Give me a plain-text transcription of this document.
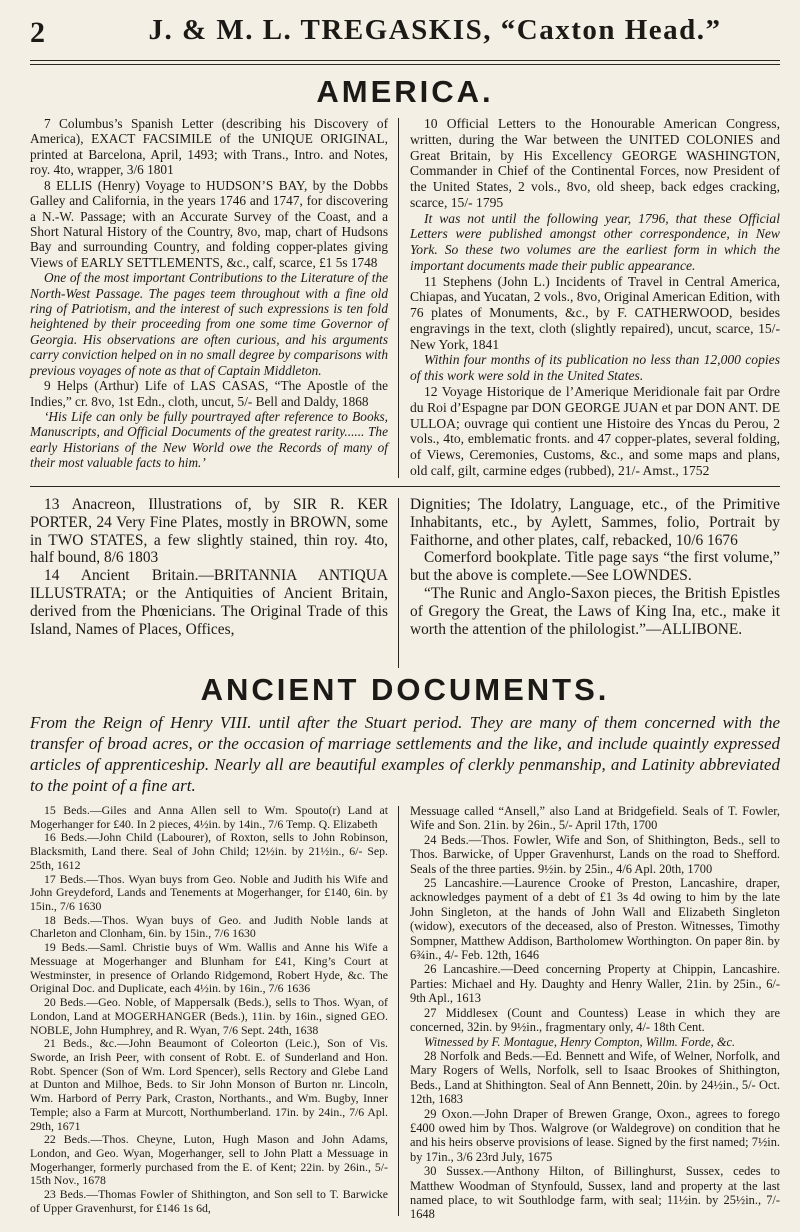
2	J. & M. L. TREGASKIS, “Caxton Head.”
AMERICA.

7 Columbus’s Spanish Letter (describing his Discovery of America), EXACT FACSIMILE of the UNIQUE ORIGINAL, printed at Barcelona, April, 1493; with Trans., Intro. and Notes, roy. 4to, wrapper, 3/6 1801

8 ELLIS (Henry) Voyage to HUDSON’S BAY, by the Dobbs Galley and California, in the years 1746 and 1747, for discovering a N.-W. Passage; with an Accurate Survey of the Coast, and a Short Natural History of the Country, 8vo, map, chart of Hudsons Bay and surrounding Country, and folding copper-plates giving Views of EARLY SETTLEMENTS, &c., calf, scarce, £1 5s 1748

One of the most important Contributions to the Literature of the North-West Passage. The pages teem throughout with a fine old ring of Patriotism, and the interest of such expressions is ten fold heightened by their proceeding from one some time Governor of Georgia. His observations are often curious, and his arguments carry conviction helped on in no small degree by comparisons with previous voyages of note as that of Captain Middleton.

9 Helps (Arthur) Life of LAS CASAS, “The Apostle of the Indies,” cr. 8vo, 1st Edn., cloth, uncut, 5/- Bell and Daldy, 1868

‘His Life can only be fully pourtrayed after reference to Books, Manuscripts, and Official Documents of the greatest rarity...... The early Historians of the New World owe the Records of many of their most valuable facts to him.’

10 Official Letters to the Honourable American Congress, written, during the War between the UNITED COLONIES and Great Britain, by His Excellency GEORGE WASHINGTON, Commander in Chief of the Continental Forces, now President of the United States, 2 vols., 8vo, old sheep, back edges cracking, scarce, 15/- 1795

It was not until the following year, 1796, that these Official Letters were published amongst other correspondence, in New York. So these two volumes are the earliest form in which the important documents made their public appearance.

11 Stephens (John L.) Incidents of Travel in Central America, Chiapas, and Yucatan, 2 vols., 8vo, Original American Edition, with 76 plates of Monuments, &c., by F. CATHERWOOD, besides engravings in the text, cloth (slightly repaired), uncut, scarce, 15/- New York, 1841

Within four months of its publication no less than 12,000 copies of this work were sold in the United States.

12 Voyage Historique de l’Amerique Meridionale fait par Ordre du Roi d’Espagne par DON GEORGE JUAN et par DON ANT. DE ULLOA; ouvrage qui contient une Histoire des Yncas du Perou, 2 vols., 4to, emblematic fronts. and 47 copper-plates, several folding, of Views, Ceremonies, Customs, &c., and some maps and plans, old calf, gilt, carmine edges (rubbed), 21/- Amst., 1752

13 Anacreon, Illustrations of, by SIR R. KER PORTER, 24 Very Fine Plates, mostly in BROWN, some in TWO STATES, a few slightly stained, thin roy. 4to, half bound, 8/6 1803

14 Ancient Britain.—BRITANNIA ANTIQUA ILLUSTRATA; or the Antiquities of Ancient Britain, derived from the Phœnicians. The Original Trade of this Island, Names of Places, Offices,

Dignities; The Idolatry, Language, etc., of the Primitive Inhabitants, etc., by Aylett, Sammes, folio, Portrait by Faithorne, and other plates, calf, rebacked, 10/6 1676

Comerford bookplate. Title page says “the first volume,” but the above is complete.—See LOWNDES.

“The Runic and Anglo-Saxon pieces, the British Epistles of Gregory the Great, the Laws of King Ina, etc., make it worth the attention of the philologist.”—ALLIBONE.

ANCIENT DOCUMENTS.
From the Reign of Henry VIII. until after the Stuart period. They are many of them concerned with the transfer of broad acres, or the occasion of marriage settlements and the like, and include quaintly expressed articles of apprenticeship. Nearly all are beautiful examples of clerkly penmanship, and Latinity abbreviated to the point of a fine art.

15 Beds.—Giles and Anna Allen sell to Wm. Spouto(r) Land at Mogerhanger for £40. In 2 pieces, 4½in. by 14in., 7/6 Temp. Q. Elizabeth

16 Beds.—John Child (Labourer), of Roxton, sells to John Robinson, Blacksmith, Land there. Seal of John Child; 12½in. by 21½in., 6/- Sep. 25th, 1612

17 Beds.—Thos. Wyan buys from Geo. Noble and Judith his Wife and John Greydeford, Lands and Tenements at Mogerhanger, for £140, 6in. by 15in., 7/6 1630

18 Beds.—Thos. Wyan buys of Geo. and Judith Noble lands at Charleton and Clonham, 6in. by 15in., 7/6 1630

19 Beds.—Saml. Christie buys of Wm. Wallis and Anne his Wife a Messuage at Mogerhanger and Blunham for £41, King’s Court at Westminster, in presence of Orlando Ridgemond, Robert Hyde, &c. The Original Doc. and Duplicate, each 4½in. by 16in., 7/6 1636

20 Beds.—Geo. Noble, of Mappersalk (Beds.), sells to Thos. Wyan, of London, Land at MOGERHANGER (Beds.), 11in. by 16in., signed GEO. NOBLE, John Humphrey, and R. Wyan, 7/6 Sept. 24th, 1638

21 Beds., &c.—John Beaumont of Coleorton (Leic.), Son of Vis. Sworde, an Irish Peer, with consent of Robt. E. of Sunderland and Hon. Robt. Spencer (Son of Wm. Lord Spencer), sells Rectory and Glebe Land at Dunton and Milhoe, Beds. to Sir John Monson of Burton nr. Lincoln, Wm. Harbord of Perry Park, Craston, Northants., and Wm. Bugby, Inner Temple; also a Farm at Murcott, Northumberland. 17in. by 24in., 7/6 Apl. 29th, 1671

22 Beds.—Thos. Cheyne, Luton, Hugh Mason and John Adams, London, and Geo. Wyan, Mogerhanger, sell to John Platt a Messuage in Mogerhanger, formerly purchased from the E. of Kent; 22in. by 26in., 5/- 15th Nov., 1678

23 Beds.—Thomas Fowler of Shithington, and Son sell to T. Barwicke of Upper Gravenhurst, for £146 1s 6d,

Messuage called “Ansell,” also Land at Bridgefield. Seals of T. Fowler, Wife and Son. 21in. by 26in., 5/- April 17th, 1700

24 Beds.—Thos. Fowler, Wife and Son, of Shithington, Beds., sell to Thos. Barwicke, of Upper Gravenhurst, Lands on the road to Shefford. Seals of the three parties. 9½in. by 25in., 4/6 Apl. 20th, 1700

25 Lancashire.—Laurence Crooke of Preston, Lancashire, draper, acknowledges payment of a debt of £1 3s 4d owing to him by the late John Singleton, at the hands of John Wall and Elizabeth Singleton (widow), executors of the deceased, also of Preston. Witnesses, Timothy Sompner, Matthew Addison, Bartholomew Worthington. On paper 8in. by 6¾in., 4/- Feb. 12th, 1646

26 Lancashire.—Deed concerning Property at Chippin, Lancashire. Parties: Michael and Hy. Daughty and Henry Waller, 21in. by 25in., 6/- 9th Apl., 1613

27 Middlesex (Count and Countess) Lease in which they are concerned, 32in. by 9½in., fragmentary only, 4/- 18th Cent.

Witnessed by F. Montague, Henry Compton, Willm. Forde, &c.

28 Norfolk and Beds.—Ed. Bennett and Wife, of Welner, Norfolk, and Mary Rogers of Wells, Norfolk, sell to Isaac Brookes of Shithington, Beds., Land at Shithington. Seal of Ann Bennett, 20in. by 24½in., 5/- Oct. 12th, 1683

29 Oxon.—John Draper of Brewen Grange, Oxon., agrees to forego £400 owed him by Thos. Walgrove (or Waldegrove) on condition that he and his heirs observe provisions of lease. Signed by the first named; 7½in. by 17in., 3/6 23rd July, 1675

30 Sussex.—Anthony Hilton, of Billinghurst, Sussex, cedes to Matthew Woodman of Stynfould, Sussex, land and property at the last named place, to wit Southlodge farm, with seal; 11½in. by 25½in., 7/- 1648
